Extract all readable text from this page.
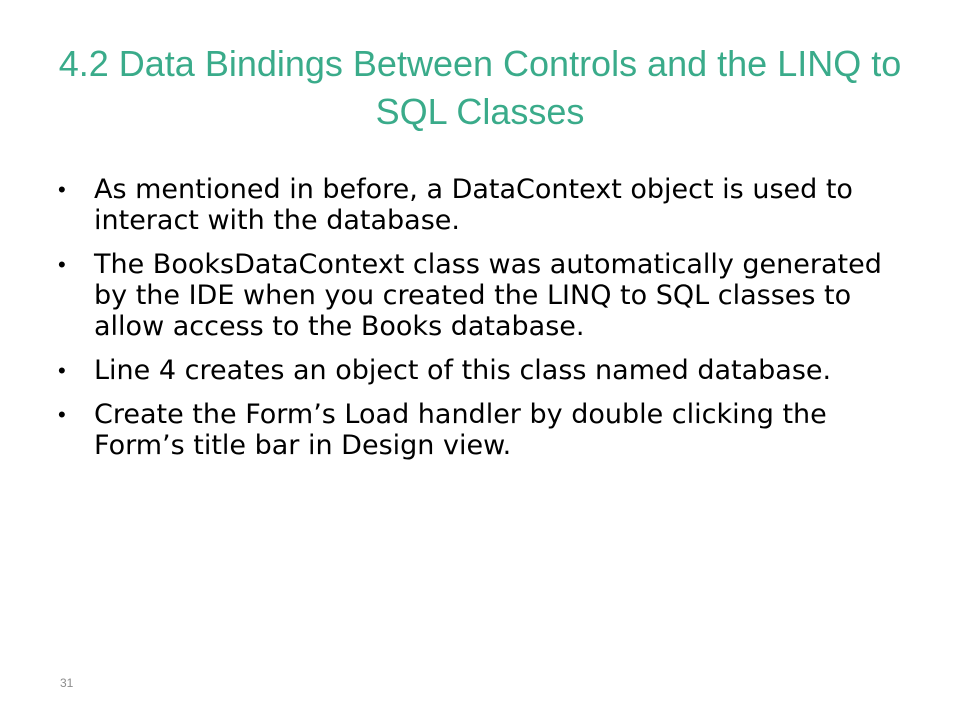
4.2 Data Bindings Between Controls and the LINQ to SQL Classes
• As mentioned in before, a DataContext object is used to interact with the database.
• The BooksDataContext class was automatically generated by the IDE when you created the LINQ to SQL classes to allow access to the Books database.
• Line 4 creates an object of this class named database.
• Create the Form’s Load handler by double clicking the Form’s title bar in Design view.
31
